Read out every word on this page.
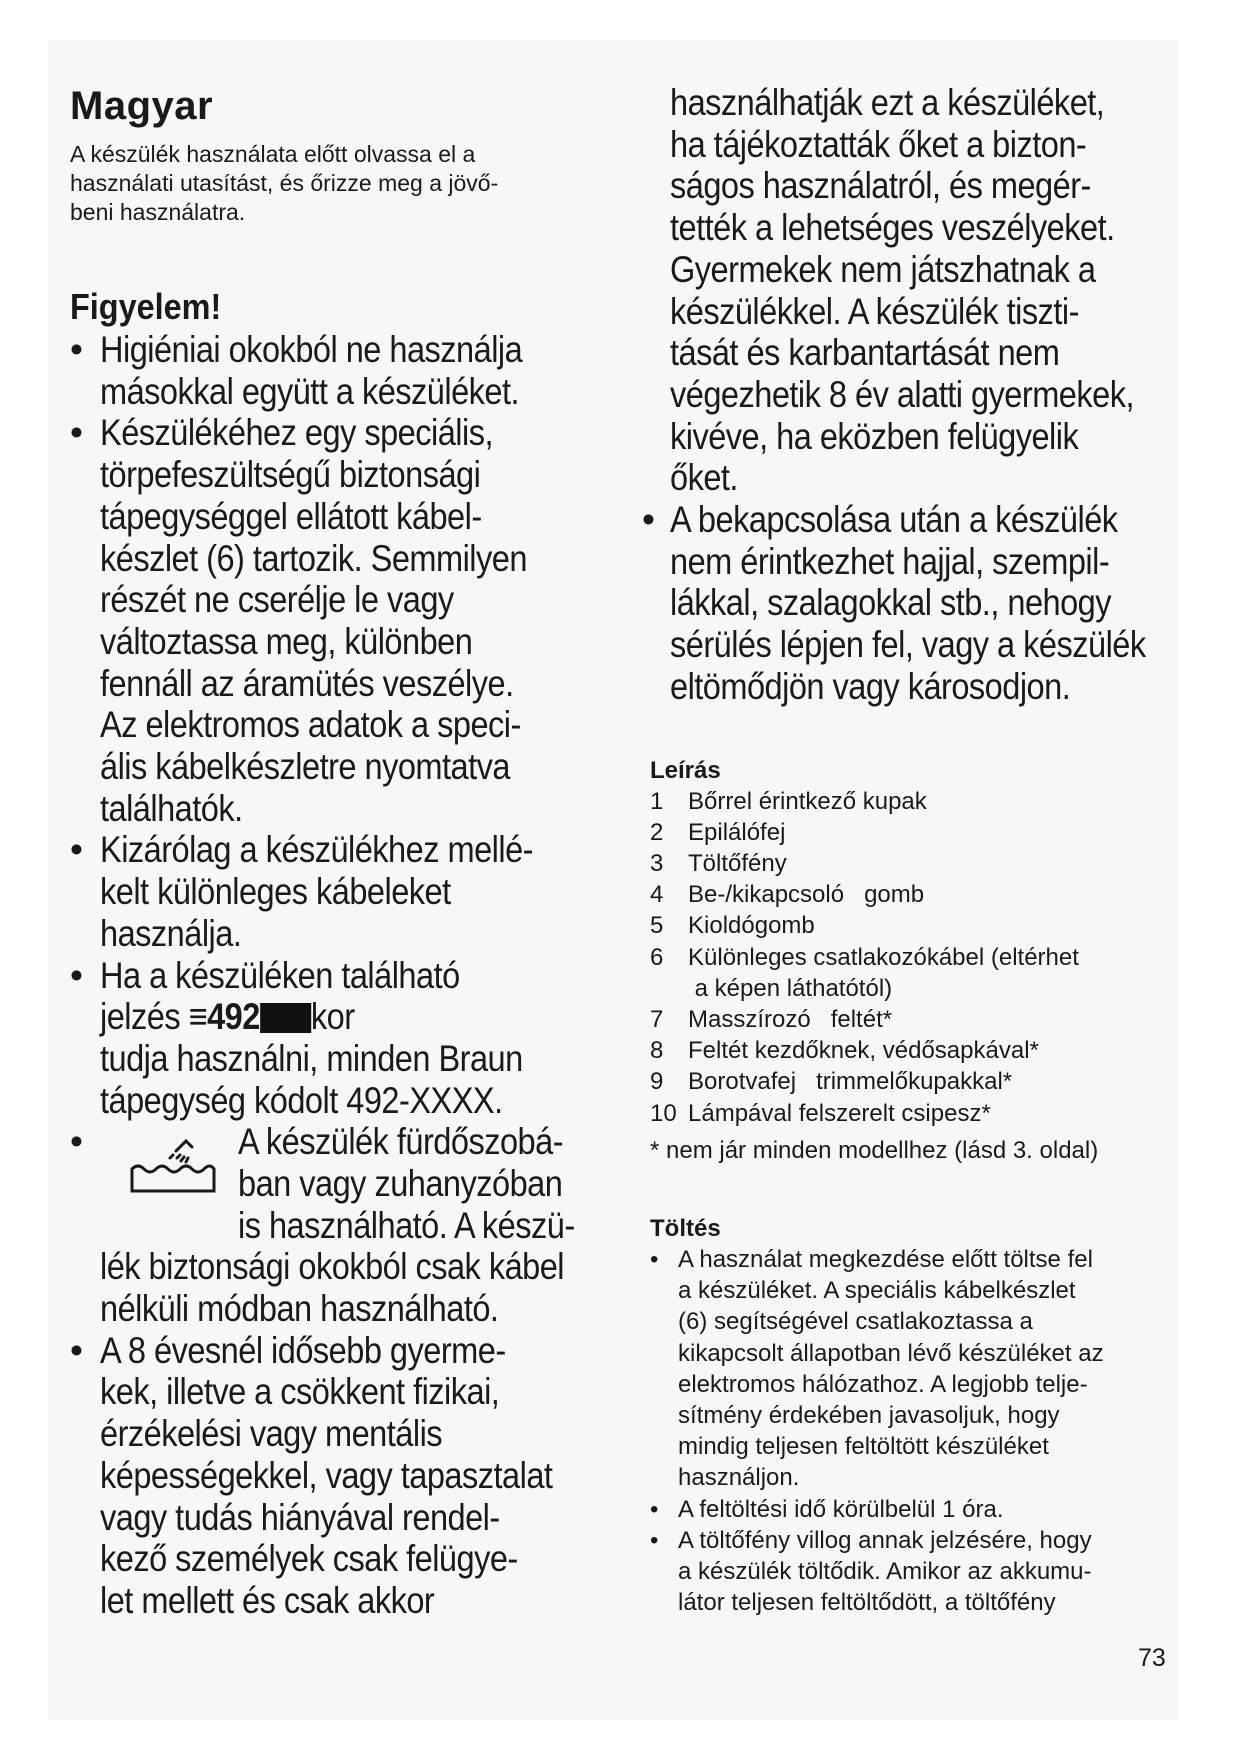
Magyar
A készülék használata előtt olvassa el a
használati utasítást, és őrizze meg a jövő-
beni használatra.
Figyelem!
• Higiéniai okokból ne használja
másokkal együtt a készüléket.
• Készülékéhez egy speciális,
törpefeszültségű biztonsági
tápegységgel ellátott kábel-
készlet (6) tartozik. Semmilyen
részét ne cserélje le vagy
változtassa meg, különben
fennáll az áramütés veszélye.
Az elektromos adatok a speci-
ális kábelkészletre nyomtatva
találhatók.
• Kizárólag a készülékhez mellé-
kelt különleges kábeleket
használja.
• Ha a készüléken található
jelzés ≡492 kor
tudja használni, minden Braun
tápegység kódolt 492-XXXX.
•	A készülék fürdőszobá-
ban vagy zuhanyzóban
is használható. A készü-
lék biztonsági okokból csak kábel
nélküli módban használható.
• A 8 évesnél idősebb gyerme-
kek, illetve a csökkent fizikai,
érzékelési vagy mentális
képességekkel, vagy tapasztalat
vagy tudás hiányával rendel-
kező személyek csak felügye-
let mellett és csak akkor
használhatják ezt a készüléket,
ha tájékoztatták őket a bizton-
ságos használatról, és megér-
tették a lehetséges veszélyeket.
Gyermekek nem játszhatnak a
készülékkel. A készülék tiszti-
tását és karbantartását nem
végezhetik 8 év alatti gyermekek,
kivéve, ha eközben felügyelik
őket.
• A bekapcsolása után a készülék
nem érintkezhet hajjal, szempil-
lákkal, szalagokkal stb., nehogy
sérülés lépjen fel, vagy a készülék
eltömődjön vagy károsodjon.
Leírás
1 Bőrrel érintkező kupak
2 Epilálófej
3 Töltőfény
4 Be-/kikapcsoló   gomb
5 Kioldógomb
6 Különleges csatlakozókábel (eltérhet
a képen láthatótól)
7 Masszírozó   feltét*
8 Feltét kezdőknek, védősapkával*
9 Borotvafej   trimmelőkupakkal*
10 Lámpával felszerelt csipesz*
* nem jár minden modellhez (lásd 3. oldal)
Töltés
• A használat megkezdése előtt töltse fel
a készüléket. A speciális kábelkészlet
(6) segítségével csatlakoztassa a
kikapcsolt állapotban lévő készüléket az
elektromos hálózathoz. A legjobb telje-
sítmény érdekében javasoljuk, hogy
mindig teljesen feltöltött készüléket
használjon.
• A feltöltési idő körülbelül 1 óra.
• A töltőfény villog annak jelzésére, hogy
a készülék töltődik. Amikor az akkumu-
látor teljesen feltöltődött, a töltőfény
73
